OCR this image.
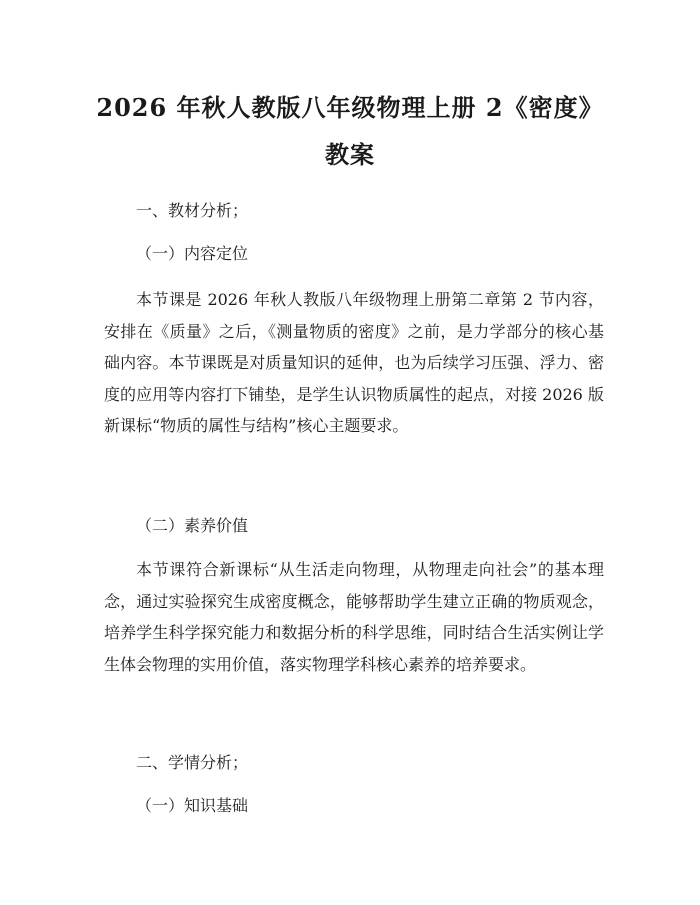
2026 年秋人教版八年级物理上册 2《密度》
教案

一、教材分析；

（一）内容定位

本节课是 2026 年秋人教版八年级物理上册第二章第 2 节内容，安排在《质量》之后，《测量物质的密度》之前，是力学部分的核心基础内容。本节课既是对质量知识的延伸，也为后续学习压强、浮力、密度的应用等内容打下铺垫，是学生认识物质属性的起点，对接 2026 版新课标“物质的属性与结构”核心主题要求。

（二）素养价值

本节课符合新课标“从生活走向物理，从物理走向社会”的基本理念，通过实验探究生成密度概念，能够帮助学生建立正确的物质观念，培养学生科学探究能力和数据分析的科学思维，同时结合生活实例让学生体会物理的实用价值，落实物理学科核心素养的培养要求。

二、学情分析；

（一）知识基础
